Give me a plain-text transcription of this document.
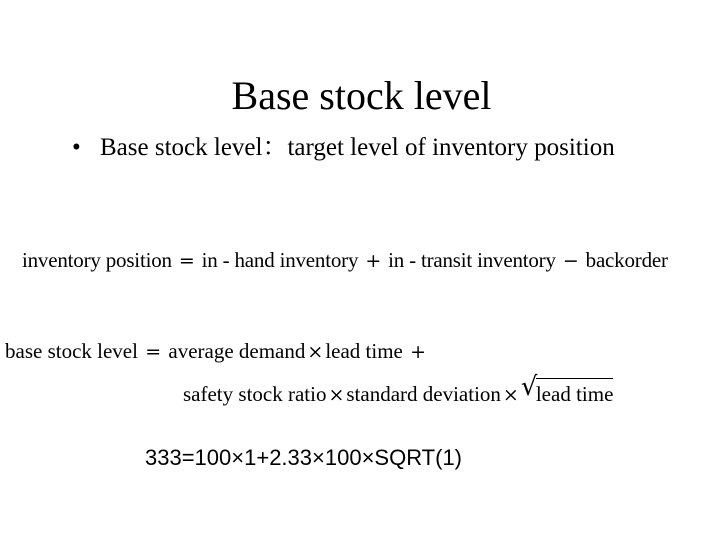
Base stock level
• Base stock level：target level of inventory position
inventory position = in - hand inventory + in - transit inventory − backorder
base stock level = average demand ×lead time +
safety stock ratio ×standard deviation × √
lead time
333=100×1+2.33×100×SQRT(1)
